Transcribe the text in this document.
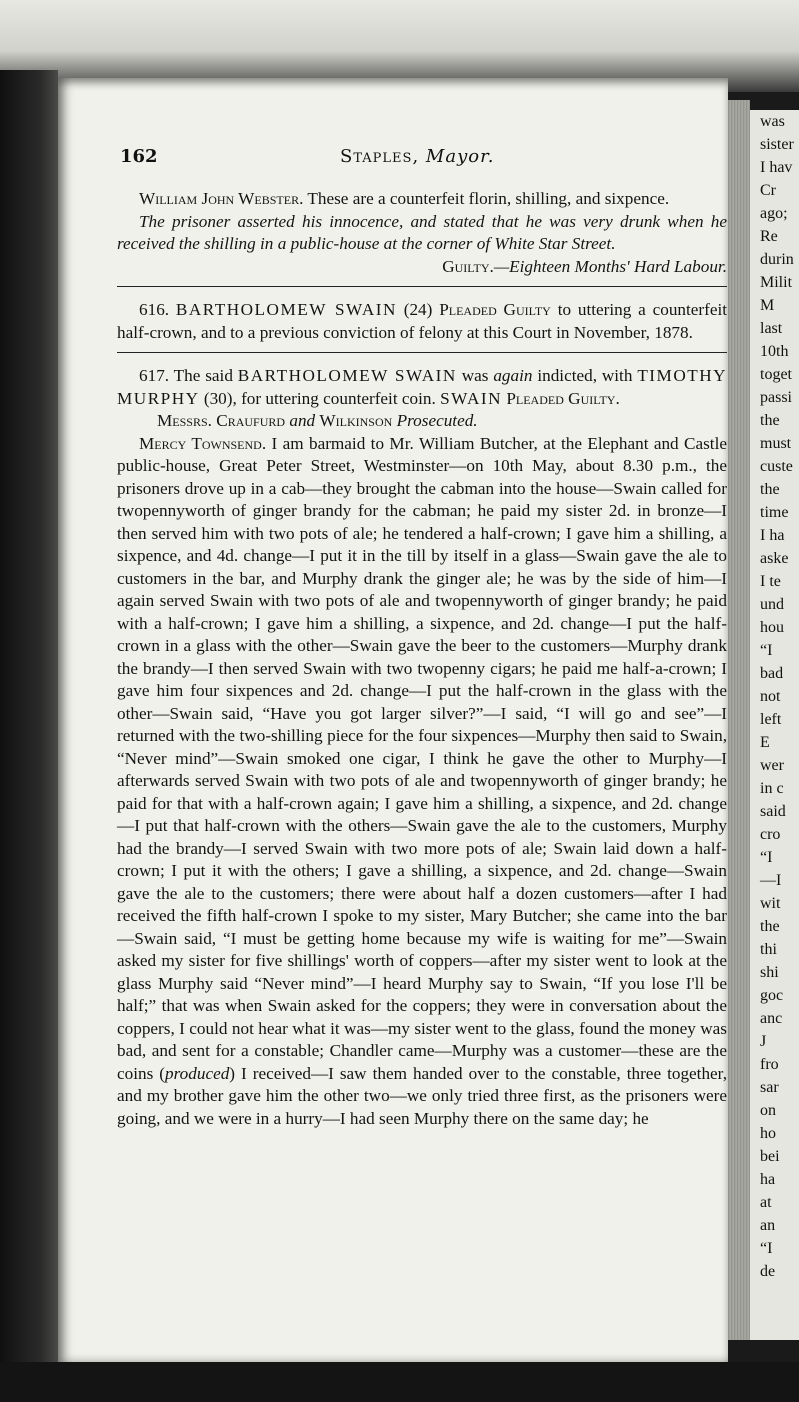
was
sister
I hav
Cr
ago;
Re
durin
Milit
M
last
10th
toget
passi
the
must
custe
the
time
I ha
aske
I te
und
hou
“I
bad
not
left
E
wer
in c
said
cro
“I
—I
wit
the
thi
shi
goc
anc
J
fro
sar
on
ho
bei
ha
at
an
“I
de
162	Staples, Mayor.

William John Webster. These are a counterfeit florin, shilling, and sixpence.

The prisoner asserted his innocence, and stated that he was very drunk when he received the shilling in a public-house at the corner of White Star Street.

Guilty.—Eighteen Months' Hard Labour.

616. BARTHOLOMEW SWAIN (24) Pleaded Guilty to uttering a counterfeit half-crown, and to a previous conviction of felony at this Court in November, 1878.

617. The said BARTHOLOMEW SWAIN was again indicted, with TIMOTHY MURPHY (30), for uttering counterfeit coin. SWAIN Pleaded Guilty.

Messrs. Craufurd and Wilkinson Prosecuted.

Mercy Townsend. I am barmaid to Mr. William Butcher, at the Elephant and Castle public-house, Great Peter Street, Westminster—on 10th May, about 8.30 p.m., the prisoners drove up in a cab—they brought the cabman into the house—Swain called for twopennyworth of ginger brandy for the cabman; he paid my sister 2d. in bronze—I then served him with two pots of ale; he tendered a half-crown; I gave him a shilling, a sixpence, and 4d. change—I put it in the till by itself in a glass—Swain gave the ale to customers in the bar, and Murphy drank the ginger ale; he was by the side of him—I again served Swain with two pots of ale and twopennyworth of ginger brandy; he paid with a half-crown; I gave him a shilling, a sixpence, and 2d. change—I put the half-crown in a glass with the other—Swain gave the beer to the customers—Murphy drank the brandy—I then served Swain with two twopenny cigars; he paid me half-a-crown; I gave him four sixpences and 2d. change—I put the half-crown in the glass with the other—Swain said, “Have you got larger silver?”—I said, “I will go and see”—I returned with the two-shilling piece for the four sixpences—Murphy then said to Swain, “Never mind”—Swain smoked one cigar, I think he gave the other to Murphy—I afterwards served Swain with two pots of ale and twopennyworth of ginger brandy; he paid for that with a half-crown again; I gave him a shilling, a sixpence, and 2d. change—I put that half-crown with the others—Swain gave the ale to the customers, Murphy had the brandy—I served Swain with two more pots of ale; Swain laid down a half-crown; I put it with the others; I gave a shilling, a sixpence, and 2d. change—Swain gave the ale to the customers; there were about half a dozen customers—after I had received the fifth half-crown I spoke to my sister, Mary Butcher; she came into the bar—Swain said, “I must be getting home because my wife is waiting for me”—Swain asked my sister for five shillings' worth of coppers—after my sister went to look at the glass Murphy said “Never mind”—I heard Murphy say to Swain, “If you lose I'll be half;” that was when Swain asked for the coppers; they were in conversation about the coppers, I could not hear what it was—my sister went to the glass, found the money was bad, and sent for a constable; Chandler came—Murphy was a customer—these are the coins (produced) I received—I saw them handed over to the constable, three together, and my brother gave him the other two—we only tried three first, as the prisoners were going, and we were in a hurry—I had seen Murphy there on the same day; he
